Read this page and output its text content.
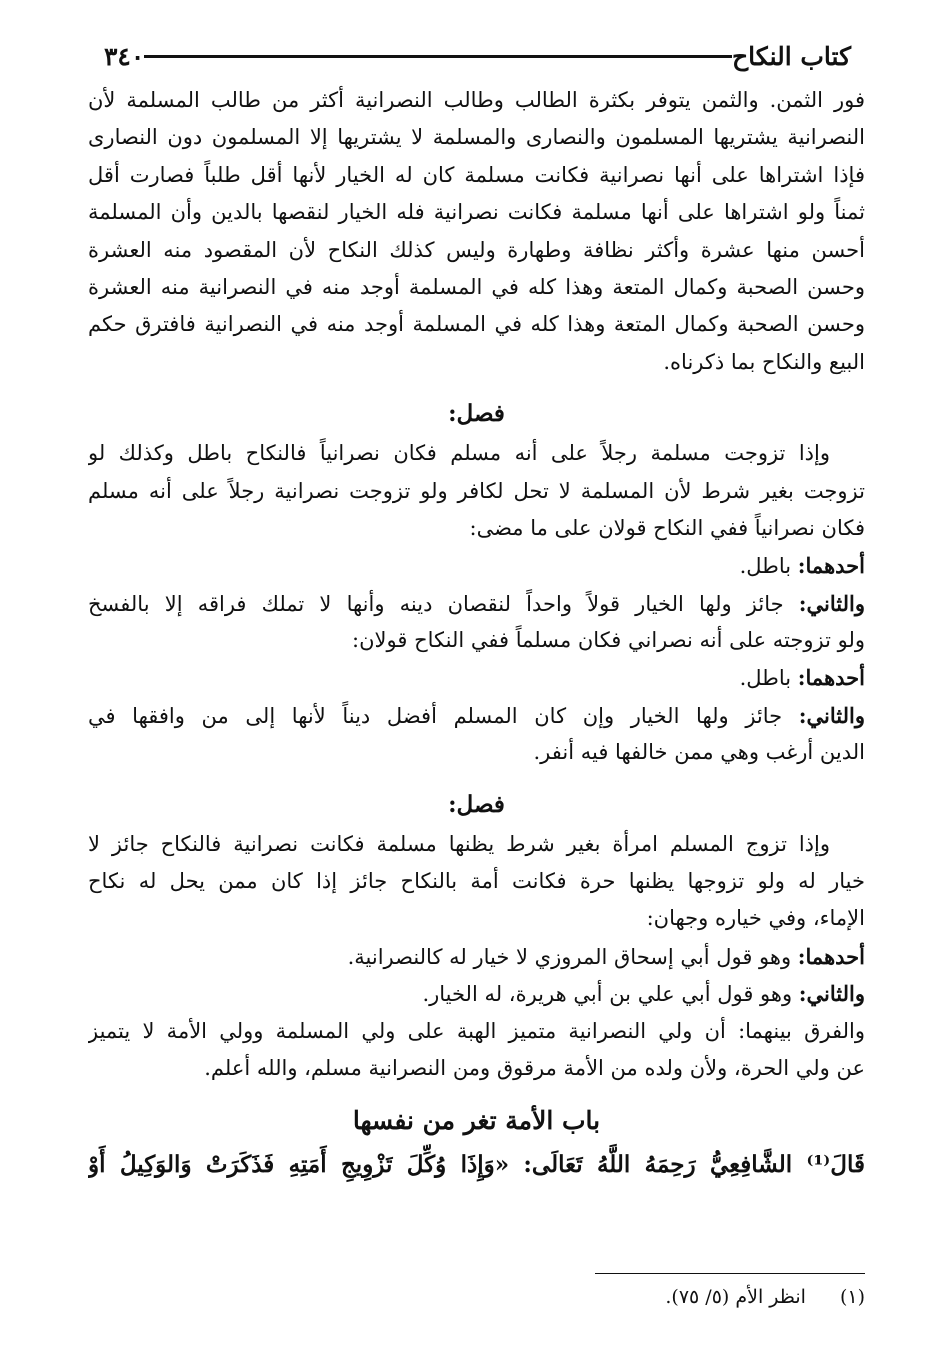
كتاب النكاح
٣٤٠
فور الثمن. والثمن يتوفر بكثرة الطالب وطالب النصرانية أكثر من طالب المسلمة لأن
النصرانية يشتريها المسلمون والنصارى والمسلمة لا يشتريها إلا المسلمون دون النصارى
فإذا اشتراها على أنها نصرانية فكانت مسلمة كان له الخيار لأنها أقل طلباً فصارت أقل
ثمناً ولو اشتراها على أنها مسلمة فكانت نصرانية فله الخيار لنقصها بالدين وأن المسلمة
أحسن منها عشرة وأكثر نظافة وطهارة وليس كذلك النكاح لأن المقصود منه العشرة
وحسن الصحبة وكمال المتعة وهذا كله في المسلمة أوجد منه في النصرانية منه العشرة
وحسن الصحبة وكمال المتعة وهذا كله في المسلمة أوجد منه في النصرانية فافترق حكم
البيع والنكاح بما ذكرناه.
فصل:
وإذا تزوجت مسلمة رجلاً على أنه مسلم فكان نصرانياً فالنكاح باطل وكذلك لو
تزوجت بغير شرط لأن المسلمة لا تحل لكافر ولو تزوجت نصرانية رجلاً على أنه مسلم
فكان نصرانياً ففي النكاح قولان على ما مضى:
أحدهما: باطل.
والثاني: جائز ولها الخيار قولاً واحداً لنقصان دينه وأنها لا تملك فراقه إلا بالفسخ
ولو تزوجته على أنه نصراني فكان مسلماً ففي النكاح قولان:
أحدهما: باطل.
والثاني: جائز ولها الخيار وإن كان المسلم أفضل ديناً لأنها إلى من وافقها في
الدين أرغب وهي ممن خالفها فيه أنفر.
فصل:
وإذا تزوج المسلم امرأة بغير شرط يظنها مسلمة فكانت نصرانية فالنكاح جائز لا
خيار له ولو تزوجها يظنها حرة فكانت أمة بالنكاح جائز إذا كان ممن يحل له نكاح
الإماء، وفي خياره وجهان:
أحدهما: وهو قول أبي إسحاق المروزي لا خيار له كالنصرانية.
والثاني: وهو قول أبي علي بن أبي هريرة، له الخيار.
والفرق بينهما: أن ولي النصرانية متميز الهبة على ولي المسلمة وولي الأمة لا يتميز
عن ولي الحرة، ولأن ولده من الأمة مرقوق ومن النصرانية مسلم، والله أعلم.
باب الأمة تغر من نفسها
قَالَ⁽¹⁾ الشَّافِعِيُّ رَحِمَهُ اللَّهُ تَعَالَى: «وَإِذَا وُكِّلَ تَزْوِيجِ أَمَتِهِ فَذَكَرَتْ وَالوَكِيلُ أَوْ
(١)انظر الأم (٥/ ٧٥).
